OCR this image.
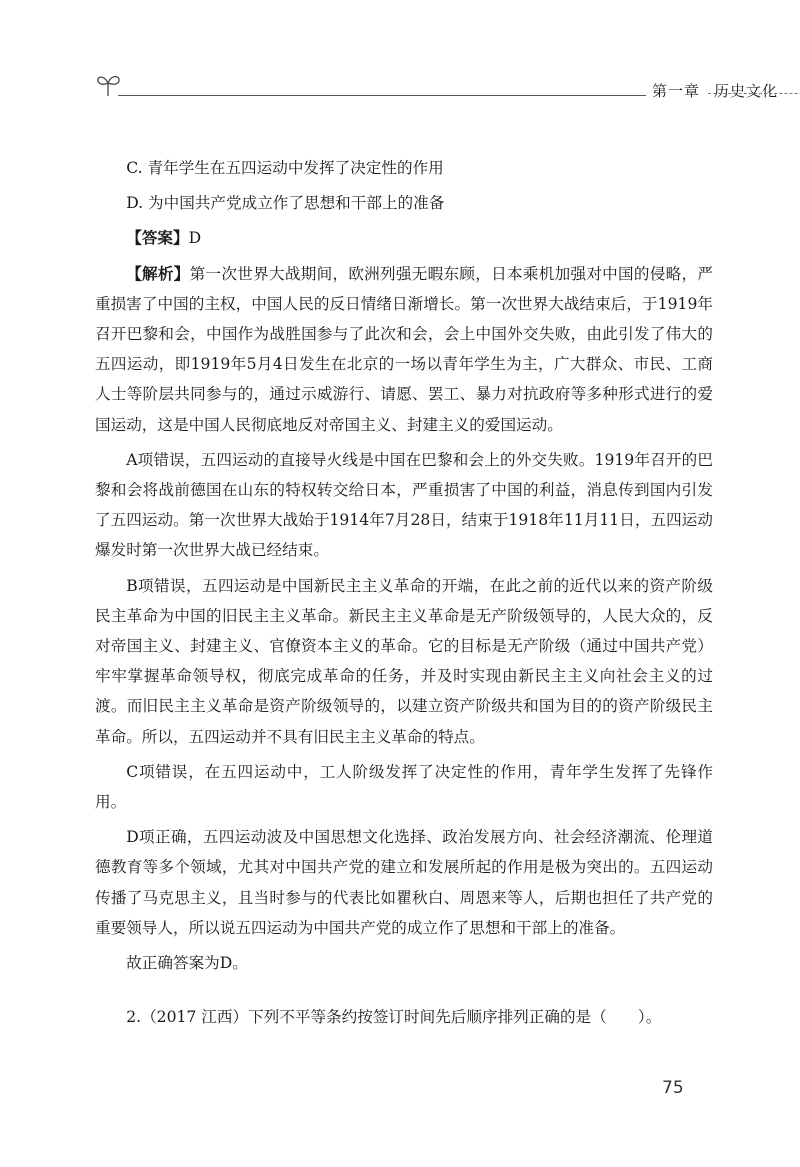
第一章 历史文化

C. 青年学生在五四运动中发挥了决定性的作用

D. 为中国共产党成立作了思想和干部上的准备

【答案】D

【解析】第一次世界大战期间，欧洲列强无暇东顾，日本乘机加强对中国的侵略，严重损害了中国的主权，中国人民的反日情绪日渐增长。第一次世界大战结束后，于1919年召开巴黎和会，中国作为战胜国参与了此次和会，会上中国外交失败，由此引发了伟大的五四运动，即1919年5月4日发生在北京的一场以青年学生为主，广大群众、市民、工商人士等阶层共同参与的，通过示威游行、请愿、罢工、暴力对抗政府等多种形式进行的爱国运动，这是中国人民彻底地反对帝国主义、封建主义的爱国运动。

A项错误，五四运动的直接导火线是中国在巴黎和会上的外交失败。1919年召开的巴黎和会将战前德国在山东的特权转交给日本，严重损害了中国的利益，消息传到国内引发了五四运动。第一次世界大战始于1914年7月28日，结束于1918年11月11日，五四运动爆发时第一次世界大战已经结束。

B项错误，五四运动是中国新民主主义革命的开端，在此之前的近代以来的资产阶级民主革命为中国的旧民主主义革命。新民主主义革命是无产阶级领导的，人民大众的，反对帝国主义、封建主义、官僚资本主义的革命。它的目标是无产阶级（通过中国共产党）牢牢掌握革命领导权，彻底完成革命的任务，并及时实现由新民主主义向社会主义的过渡。而旧民主主义革命是资产阶级领导的，以建立资产阶级共和国为目的的资产阶级民主革命。所以，五四运动并不具有旧民主主义革命的特点。

C项错误，在五四运动中，工人阶级发挥了决定性的作用，青年学生发挥了先锋作用。

D项正确，五四运动波及中国思想文化选择、政治发展方向、社会经济潮流、伦理道德教育等多个领域，尤其对中国共产党的建立和发展所起的作用是极为突出的。五四运动传播了马克思主义，且当时参与的代表比如瞿秋白、周恩来等人，后期也担任了共产党的重要领导人，所以说五四运动为中国共产党的成立作了思想和干部上的准备。

故正确答案为D。

2.（2017 江西）下列不平等条约按签订时间先后顺序排列正确的是（　　）。

75
